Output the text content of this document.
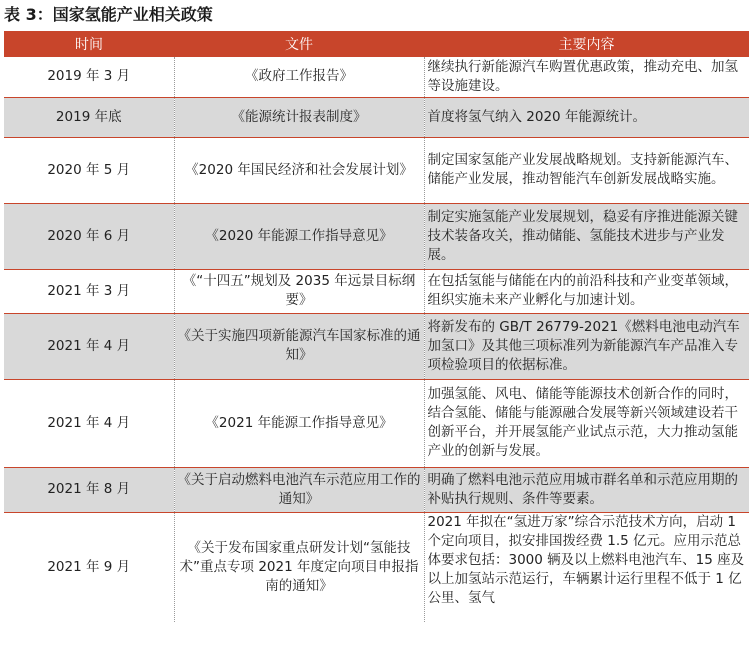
表 3：国家氢能产业相关政策
时间	文件	主要内容
2019 年 3 月	《政府工作报告》	继续执行新能源汽车购置优惠政策，推动充电、加氢等设施建设。
2019 年底	《能源统计报表制度》	首度将氢气纳入 2020 年能源统计。
2020 年 5 月	《2020 年国民经济和社会发展计划》	制定国家氢能产业发展战略规划。支持新能源汽车、储能产业发展，推动智能汽车创新发展战略实施。
2020 年 6 月	《2020 年能源工作指导意见》	制定实施氢能产业发展规划，稳妥有序推进能源关键技术装备攻关，推动储能、氢能技术进步与产业发展。
2021 年 3 月	《“十四五”规划及 2035 年远景目标纲要》	在包括氢能与储能在内的前沿科技和产业变革领域，组织实施未来产业孵化与加速计划。
2021 年 4 月	《关于实施四项新能源汽车国家标准的通知》	将新发布的 GB/T 26779-2021《燃料电池电动汽车加氢口》及其他三项标准列为新能源汽车产品准入专项检验项目的依据标准。
2021 年 4 月	《2021 年能源工作指导意见》	加强氢能、风电、储能等能源技术创新合作的同时，结合氢能、储能与能源融合发展等新兴领域建设若干创新平台，并开展氢能产业试点示范，大力推动氢能产业的创新与发展。
2021 年 8 月	《关于启动燃料电池汽车示范应用工作的通知》	明确了燃料电池示范应用城市群名单和示范应用期的补贴执行规则、条件等要素。
2021 年 9 月	《关于发布国家重点研发计划“氢能技术”重点专项 2021 年度定向项目申报指南的通知》	2021 年拟在“氢进万家”综合示范技术方向，启动 1 个定向项目，拟安排国拨经费 1.5 亿元。应用示范总体要求包括：3000 辆及以上燃料电池汽车、15 座及以上加氢站示范运行，车辆累计运行里程不低于 1 亿公里、氢气
